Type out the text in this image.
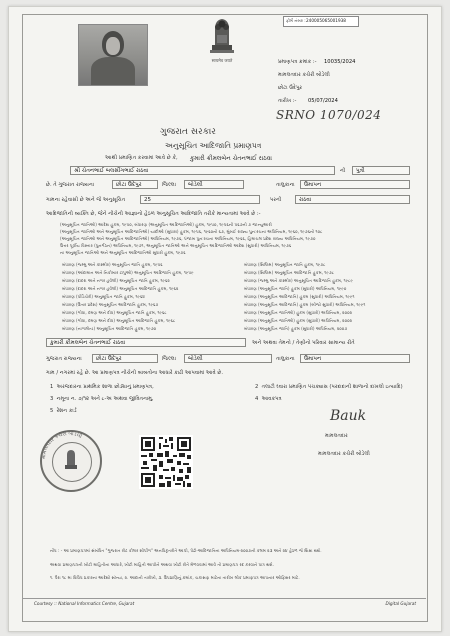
सत्यमेव जयते
ફોર્મ નંબર : 240005065001938
પ્રમાણપત્ર ક્રમાંક :- 10035/2024
મામલતદાર કચેરી બોડેલી
છોટા ઉદેપુર
તારીખ :- 05/07/2024
SRNO 1070/024
ગુજરાત સરકાર
અનુસૂચિત આદિજાતિ પ્રમાણપત્ર
આથી પ્રમાણિત કરવામાં આવે છે કે, કુમારી ક્રીમલબેન ચેતનભાઈ રાઠવા
શ્રી ચેતનભાઈ બલસીંગભાઈ રાઠવા	ની	પુત્રી
છે. તે ગુજરાત રાજ્યના	છોટા ઉદેપુર	જિલ્લા	બોડેલી	તાલુકાના	ઉમાપન
ગામના રહેવાસી છે અને જે અનુસૂચિત	25	પરની	રાઠવા
આદિજાતિની વ્યક્તિ છે, જેને નીચેની આજ્ઞાનો હેઠળ અનુસૂચિત આદિજાતિ તરીકે માન્યતામાં આવે છે :-
(અનુસૂચિત જાતિઓ) આદેશ હુકમ, ૧૯૫૦, બંધારણ (અનુસૂચિત આદિજાતિઓ) હુકમ, ૧૯૫૦, ૧૯૫૬ની ૫૬૭ની ૭ જાન્યુઆરી
(અનુસૂચિત જાતિઓ અને અનુસૂચિત આદિજાતિઓ) યાદીઓ (સુધારા) હુકમ, ૧૯૫૬, ૧૯૬૦નો ૬૭, મુંબઈ રાજ્ય પુનઃરચના અધિનિયમ, ૧૯૬૦, ૧૯૭૬નો ૧૦૮
(અનુસૂચિત જાતિઓ અને અનુસૂચિત આદિજાતિઓ) અધિનિયમ, ૧૯૭૬, પંજાબ પુનઃરચના અધિનિયમ, ૧૯૬૬, હિમાચલ પ્રદેશ રાજ્ય અધિનિયમ, ૧૯૭૦
ઉત્તર પૂર્વીય વિસ્તાર (પુનર્ગઠન) અધિનિયમ, ૧૯૭૧, અનુસૂચિત જાતિઓ અને અનુસૂચિત આદિજાતિઓ આદેશ (સુધારો) અધિનિયમ, ૧૯૭૬
ના અનુસૂચિત જાતિઓ અને અનુસૂચિત આદિજાતિઓ સુધારો હુકમ, ૧૯૭૬
બંધારણ (જમ્મુ અને કાશ્મીર) અનુસૂચિત જાતિ હુકમ, ૧૯૫૬
બંધારણ (આંદામાન અને નિકોબાર ટાપુઓ) અનુસૂચિત આદિજાતિ હુકમ, ૧૯૫૯
બંધારણ (દાદરા અને નગર હવેલી) અનુસૂચિત જાતિ હુકમ, ૧૯૬૨
બંધારણ (દાદરા અને નગર હવેલી) અનુસૂચિત આદિજાતિ હુકમ, ૧૯૬૨
બંધારણ (પોંડિચેરી) અનુસૂચિત જાતિ હુકમ, ૧૯૬૪
બંધારણ (ઉત્તર પ્રદેશ) અનુસૂચિત આદિજાતિ હુકમ, ૧૯૬૭
બંધારણ (ગોવા, દમણ અને દીવ) અનુસૂચિત જાતિ હુકમ, ૧૯૬૮
બંધારણ (ગોવા, દમણ અને દીવ) અનુસૂચિત આદિજાતિ હુકમ, ૧૯૬૮
બંધારણ (નાગાલેન્ડ) અનુસૂચિત આદિજાતિ હુકમ, ૧૯૭૦
બંધારણ (સિક્કિમ) અનુસૂચિત જાતિ હુકમ, ૧૯૭૮
બંધારણ (સિક્કિમ) અનુસૂચિત આદિજાતિ હુકમ, ૧૯૭૮
બંધારણ (જમ્મુ અને કાશ્મીર) અનુસૂચિત આદિજાતિ હુકમ, ૧૯૮૯
બંધારણ (અનુસૂચિત જાતિ) હુકમ (સુધારો) અધિનિયમ, ૧૯૯૦
બંધારણ (અનુસૂચિત આદિજાતિ) હુકમ (સુધારો) અધિનિયમ, ૧૯૯૧
બંધારણ (અનુસૂચિત આદિજાતિ) હુકમ (બીજો સુધારો) અધિનિયમ, ૧૯૯૧
બંધારણ (અનુસૂચિત જાતિઓ) હુકમ (સુધારો) અધિનિયમ, ૨૦૦૨
બંધારણ (અનુસૂચિત જાતિઓ) હુકમ (સુધારો) અધિનિયમ, ૨૦૦૨
બંધારણ (અનુસૂચિત જાતિ) હુકમ (સુધારો) અધિનિયમ, ૨૦૦૭
કુમારી ક્રીમલબેન ચેતનભાઈ રાઠવા	અને અથવા તેમનો / તેણીનો પરિવાર સામાન્ય રીતે
ગુજરાત રાજ્યના	છોટા ઉદેપુર	જિલ્લા	બોડેલી	તાલુકાના	ઉમાપન
ગામ / નગરમાં રહે છે. આ પ્રમાણપત્ર નીચેની બાબતોના આધારે કાઢી આપવામાં આવે છે.
1 અરજદારના પ્રાથમિક શાળા છોડ્યાનું પ્રમાણપત્ર,	2 તલાટી ઘ્વારા પ્રમાણિત પંચક્યાસ (પરદાદાની શાળાનો દાખલો ઇત્યાદિ)
3 નમૂના ન. ૭/૧૨ અને ૮-અ અથવા જીવિતનામુ,	4 આવકપત્ર
5 રેશન કાર્ડ
મામલતદાર કચેરી બોડેલી
Bauk
મામલતદાર
મામલતદાર કચેરી બોડેલી
નોંધ : - આ પ્રમાણપત્રમાં સંબંધિત "ગુજરાત રીટ કોલર શીપીંગ" અનધિકૃતરીતે આપી, પેઢી-આદિજાતિના અધિનિયમ-૨૦૦૭ની કલમ ૨૩ અને ૨૪ હેઠળ જે શિક્ષા થશે.
અથવા પ્રમાણપત્રની ખોટી માહિતીના આધારે, ખોટી માહિતી આપીને અથવા ખોટી રીતે મેળવવામાં આવે તો પ્રમાણપત્ર રદ કરવાને પાત્ર થશે.
૧. પૈરા ૧૮ મા વિવિધ પ્રકારના આદેશો સંખ્યા, ૨. આદાની તારીખો, ૩. ઉપપ્રાણિનું ક્રમાંક, ચકાસણ માટેના તારીખ લોક પ્રમાણપત્ર આપનાર ઓફિસર માટે.
Courtesy :: National Informatics Centre, Gujarat	Digital Gujarat
